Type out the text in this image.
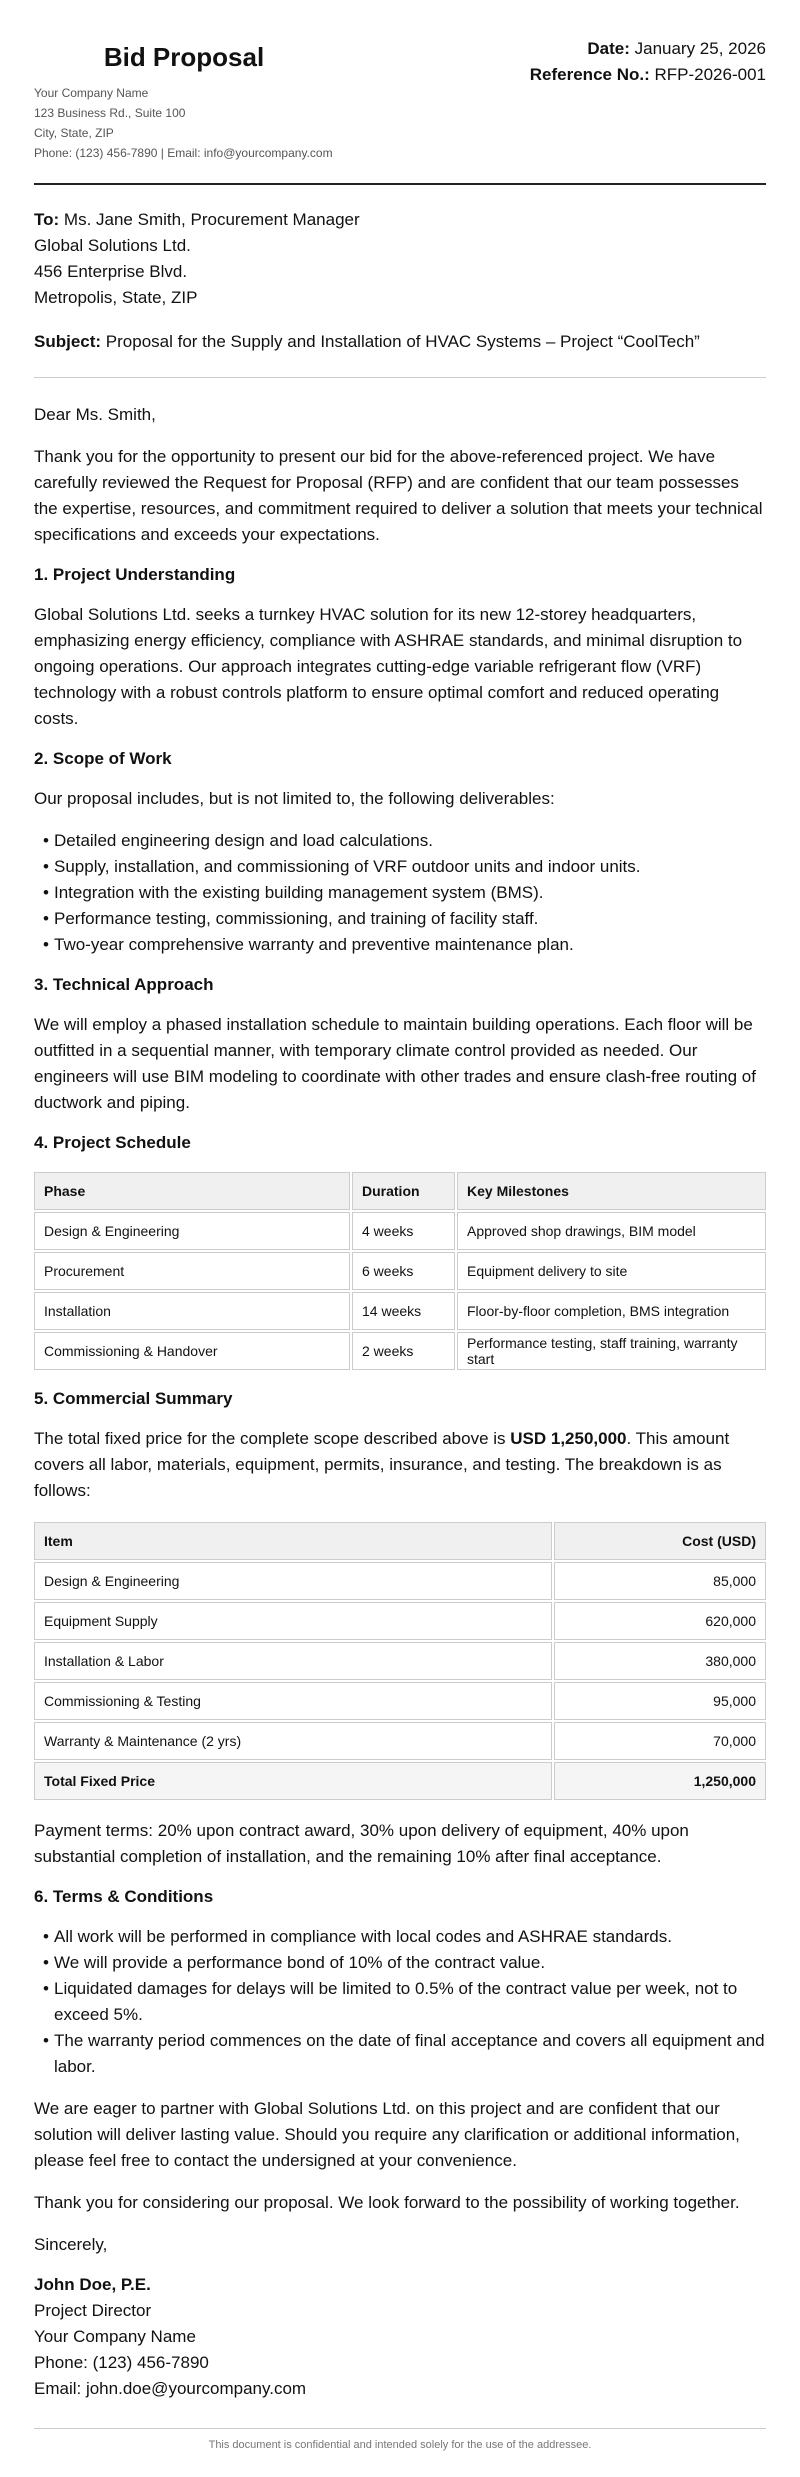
Bid Proposal
Your Company Name
123 Business Rd., Suite 100
City, State, ZIP
Phone: (123) 456-7890 | Email: info@yourcompany.com
Date: January 25, 2026
Reference No.: RFP-2026-001
To: Ms. Jane Smith, Procurement Manager
Global Solutions Ltd.
456 Enterprise Blvd.
Metropolis, State, ZIP
Subject: Proposal for the Supply and Installation of HVAC Systems – Project “CoolTech”

Dear Ms. Smith,

Thank you for the opportunity to present our bid for the above-referenced project. We have carefully reviewed the Request for Proposal (RFP) and are confident that our team possesses the expertise, resources, and commitment required to deliver a solution that meets your technical specifications and exceeds your expectations.

1. Project Understanding

Global Solutions Ltd. seeks a turnkey HVAC solution for its new 12-storey headquarters, emphasizing energy efficiency, compliance with ASHRAE standards, and minimal disruption to ongoing operations. Our approach integrates cutting-edge variable refrigerant flow (VRF) technology with a robust controls platform to ensure optimal comfort and reduced operating costs.

2. Scope of Work

Our proposal includes, but is not limited to, the following deliverables:

• Detailed engineering design and load calculations.
• Supply, installation, and commissioning of VRF outdoor units and indoor units.
• Integration with the existing building management system (BMS).
• Performance testing, commissioning, and training of facility staff.
• Two-year comprehensive warranty and preventive maintenance plan.
3. Technical Approach

We will employ a phased installation schedule to maintain building operations. Each floor will be outfitted in a sequential manner, with temporary climate control provided as needed. Our engineers will use BIM modeling to coordinate with other trades and ensure clash-free routing of ductwork and piping.

4. Project Schedule
Phase	Duration	Key Milestones
Design & Engineering	4 weeks	Approved shop drawings, BIM model
Procurement	6 weeks	Equipment delivery to site
Installation	14 weeks	Floor-by-floor completion, BMS integration
Commissioning & Handover	2 weeks	Performance testing, staff training, warranty start
5. Commercial Summary

The total fixed price for the complete scope described above is USD 1,250,000. This amount covers all labor, materials, equipment, permits, insurance, and testing. The breakdown is as follows:

Item	Cost (USD)
Design & Engineering	85,000
Equipment Supply	620,000
Installation & Labor	380,000
Commissioning & Testing	95,000
Warranty & Maintenance (2 yrs)	70,000
Total Fixed Price	1,250,000

Payment terms: 20% upon contract award, 30% upon delivery of equipment, 40% upon substantial completion of installation, and the remaining 10% after final acceptance.

6. Terms & Conditions
• All work will be performed in compliance with local codes and ASHRAE standards.
• We will provide a performance bond of 10% of the contract value.
• Liquidated damages for delays will be limited to 0.5% of the contract value per week, not to exceed 5%.
• The warranty period commences on the date of final acceptance and covers all equipment and labor.

We are eager to partner with Global Solutions Ltd. on this project and are confident that our solution will deliver lasting value. Should you require any clarification or additional information, please feel free to contact the undersigned at your convenience.

Thank you for considering our proposal. We look forward to the possibility of working together.

Sincerely,
John Doe, P.E.
Project Director
Your Company Name
Phone: (123) 456-7890
Email: john.doe@yourcompany.com
This document is confidential and intended solely for the use of the addressee.
